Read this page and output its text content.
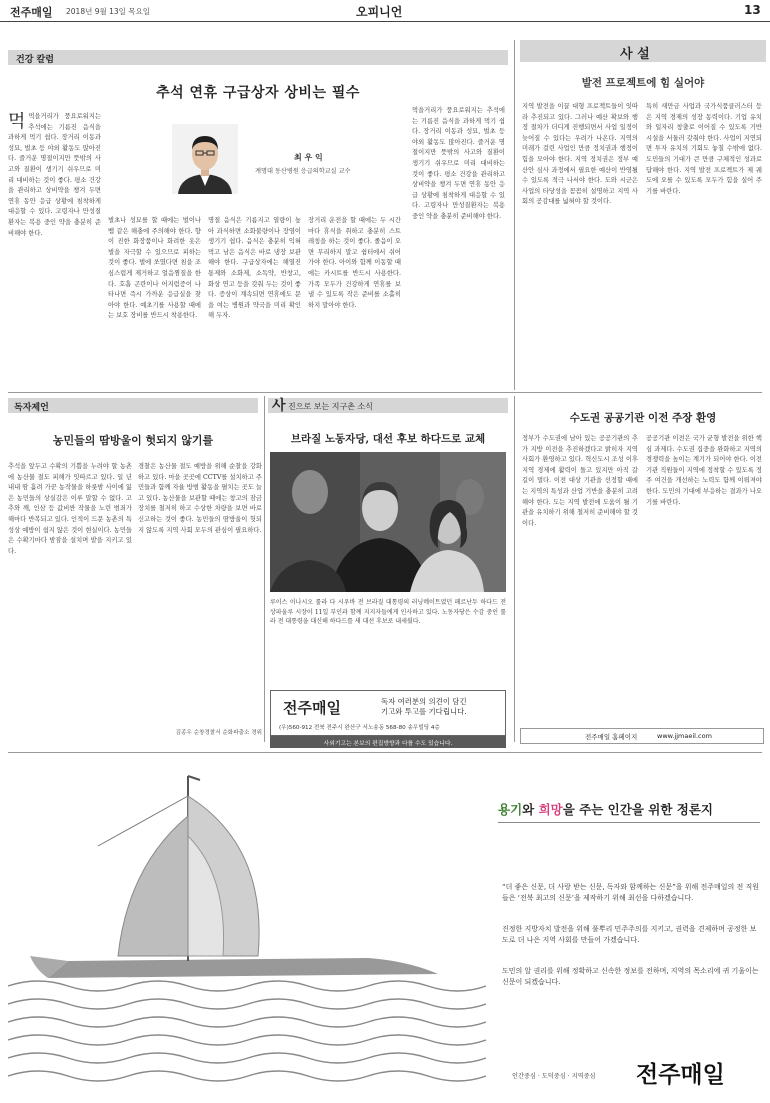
전주매일 2018년 9월 13일 목요일	오피니언	13
건강 칼럼
추석 연휴 구급상자 상비는 필수
먹먹을거리가 풍요로워지는 추석에는 기름진 음식을 과하게 먹기 쉽다. 장거리 이동과 성묘, 벌초 등 야외 활동도 많아진다. 즐거운 명절이지만 뜻밖의 사고와 질환이 생기기 쉬우므로 미리 대비하는 것이 좋다. 평소 건강을 관리하고 상비약을 챙겨 두면 연휴 동안 응급 상황에 침착하게 대응할 수 있다. 고령자나 만성질환자는 복용 중인 약을 충분히 준비해야 한다.
최 우 익
계명대 동산병원 응급의학교실 교수
벌초나 성묘를 할 때에는 벌이나 뱀 같은 해충에 주의해야 한다. 향이 진한 화장품이나 화려한 옷은 벌을 자극할 수 있으므로 피하는 것이 좋다. 벌에 쏘였다면 침을 조심스럽게 제거하고 얼음찜질을 한다. 호흡 곤란이나 어지럼증이 나타나면 즉시 가까운 응급실을 찾아야 한다. 예초기를 사용할 때에는 보호 장비를 반드시 착용한다.
명절 음식은 기름지고 열량이 높아 과식하면 소화불량이나 장염이 생기기 쉽다. 음식은 충분히 익혀 먹고 남은 음식은 바로 냉장 보관해야 한다. 구급상자에는 해열진통제와 소화제, 소독약, 반창고, 화상 연고 등을 갖춰 두는 것이 좋다. 증상이 계속되면 연휴에도 문을 여는 병원과 약국을 미리 확인해 두자.
장거리 운전을 할 때에는 두 시간마다 휴식을 취하고 충분히 스트레칭을 하는 것이 좋다. 졸음이 오면 무리하지 말고 쉼터에서 쉬어 가야 한다. 아이와 함께 이동할 때에는 카시트를 반드시 사용한다. 가족 모두가 건강하게 연휴를 보낼 수 있도록 작은 준비를 소홀히 하지 말아야 한다.
먹을거리가 풍요로워지는 추석에는 기름진 음식을 과하게 먹기 쉽다. 장거리 이동과 성묘, 벌초 등 야외 활동도 많아진다. 즐거운 명절이지만 뜻밖의 사고와 질환이 생기기 쉬우므로 미리 대비하는 것이 좋다. 평소 건강을 관리하고 상비약을 챙겨 두면 연휴 동안 응급 상황에 침착하게 대응할 수 있다. 고령자나 만성질환자는 복용 중인 약을 충분히 준비해야 한다.
사 설
발전 프로젝트에 힘 실어야
지역 발전을 이끌 대형 프로젝트들이 잇따라 추진되고 있다. 그러나 예산 확보와 행정 절차가 더디게 진행되면서 사업 일정이 늦어질 수 있다는 우려가 나온다. 지역의 미래가 걸린 사업인 만큼 정치권과 행정이 힘을 모아야 한다. 지역 정치권은 정부 예산안 심사 과정에서 필요한 예산이 반영될 수 있도록 적극 나서야 한다. 도와 시군은 사업의 타당성을 꼼꼼히 설명하고 지역 사회의 공감대를 넓혀야 할 것이다.
특히 새만금 사업과 국가식품클러스터 등은 지역 경제의 성장 동력이다. 기업 유치와 일자리 창출로 이어질 수 있도록 기반 시설을 서둘러 갖춰야 한다. 사업이 지연되면 투자 유치의 기회도 놓칠 수밖에 없다. 도민들의 기대가 큰 만큼 구체적인 성과로 답해야 한다. 지역 발전 프로젝트가 제 궤도에 오를 수 있도록 모두가 힘을 실어 주기를 바란다.
독자제언
농민들의 땀방울이 헛되지 않기를
추석을 앞두고 수확의 기쁨을 누려야 할 농촌에 농산물 절도 피해가 잇따르고 있다. 일 년 내내 땀 흘려 가꾼 농작물을 하룻밤 사이에 잃은 농민들의 상실감은 이루 말할 수 없다. 고추와 깨, 인삼 등 값비싼 작물을 노린 범죄가 해마다 반복되고 있다. 인적이 드문 농촌의 특성상 예방이 쉽지 않은 것이 현실이다. 농민들은 수확기마다 밤잠을 설치며 밭을 지키고 있다.
경찰은 농산물 절도 예방을 위해 순찰을 강화하고 있다. 마을 곳곳에 CCTV를 설치하고 주민들과 함께 자율 방범 활동을 펼치는 곳도 늘고 있다. 농산물을 보관할 때에는 창고의 잠금장치를 철저히 하고 수상한 차량을 보면 바로 신고하는 것이 좋다. 농민들의 땀방울이 헛되지 않도록 지역 사회 모두의 관심이 필요하다.
김종우 순창경찰서 순화파출소 경위
사 진으로 보는 지구촌 소식
브라질 노동자당, 대선 후보 하다드로 교체
루이스 이나시오 룰라 다 시우바 전 브라질 대통령의 러닝메이트였던 페르난두 하다드 전 상파울루 시장이 11일 부인과 함께 지지자들에게 인사하고 있다. 노동자당은 수감 중인 룰라 전 대통령을 대신해 하다드를 새 대선 후보로 내세웠다.
전주매일	독자 여러분의 의견이 담긴
기고와 투고를 기다립니다.
(우)560-912 전북 전주시 완산구 서노송동 568-80 송우빌딩 4층
사외기고는 본보의 편집방향과 다를 수도 있습니다.
수도권 공공기관 이전 주장 환영
정부가 수도권에 남아 있는 공공기관의 추가 지방 이전을 추진하겠다고 밝히자 지역 사회가 환영하고 있다. 혁신도시 조성 이후 지역 경제에 활력이 돌고 있지만 아직 갈 길이 멀다. 이전 대상 기관을 선정할 때에는 지역의 특성과 산업 기반을 충분히 고려해야 한다. 도는 지역 발전에 도움이 될 기관을 유치하기 위해 철저히 준비해야 할 것이다.
공공기관 이전은 국가 균형 발전을 위한 핵심 과제다. 수도권 집중을 완화하고 지역의 경쟁력을 높이는 계기가 되어야 한다. 이전 기관 직원들이 지역에 정착할 수 있도록 정주 여건을 개선하는 노력도 함께 이뤄져야 한다. 도민의 기대에 부응하는 결과가 나오기를 바란다.
전주매일 홈페이지	www.jjmaeil.com
용기와 희망을 주는 인간을 위한 정론지
“더 좋은 신문, 더 사랑 받는 신문, 독자와 함께하는 신문”을 위해 전주매일의 전 직원들은 ‘전북 최고의 신문’을 제작하기 위해 최선을 다하겠습니다.
진정한 지방자치 발전을 위해 풀뿌리 민주주의를 지키고, 권력을 견제하며 공정한 보도로 더 나은 지역 사회를 만들어 가겠습니다.
도민의 알 권리를 위해 정확하고 신속한 정보를 전하며, 지역의 목소리에 귀 기울이는 신문이 되겠습니다.
인간중심 · 도덕중심 · 지역중심 전주매일
